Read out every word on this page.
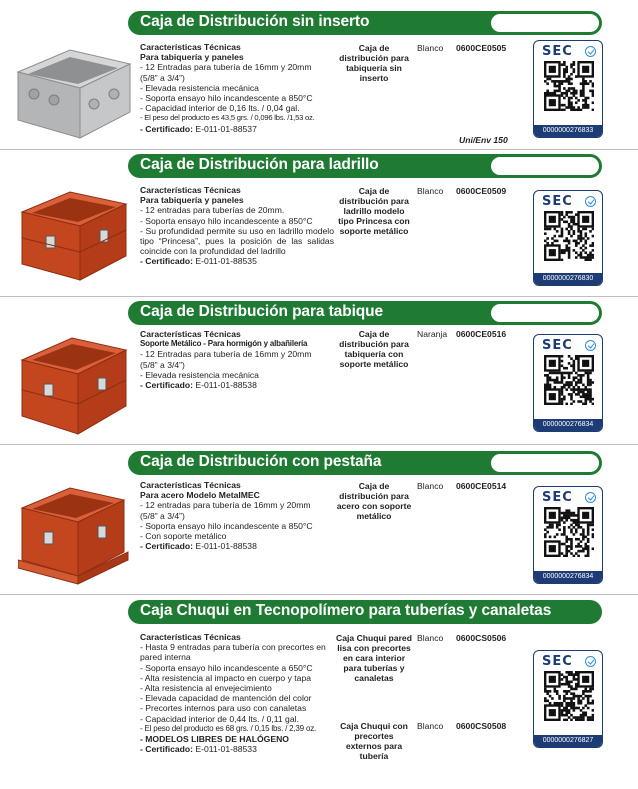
Caja de Distribución sin inserto
Características Técnicas
Para tabiquería y paneles
- 12 Entradas para tubería de 16mm y 20mm
(5/8” a 3/4”)
- Elevada resistencia mecánica
- Soporta ensayo hilo incandescente a 850°C
- Capacidad interior de 0,16 lts. / 0,04 gal.
- El peso del producto es 43,5 grs. / 0,096 lbs. /1,53 oz.
- Certificado: E-011-01-88537
Caja de distribución para tabiquería sin inserto
Blanco 0600CE0505
Uni/Env 150
SEC
0000000276833
Caja de Distribución para ladrillo
Características Técnicas
Para tabiquería y paneles
- 12 entradas para tuberías de 20mm.
- Soporta ensayo hilo incandescente a 850°C
- Su profundidad permite su uso en ladrillo modelo tipo “Princesa”, pues la posición de las salidas coincide con la profundidad del ladrillo
- Certificado: E-011-01-88535
Caja de distribución para ladrillo modelo tipo Princesa con soporte metálico
Blanco 0600CE0509
SEC
0000000276830
Caja de Distribución para tabique
Características Técnicas
Soporte Metálico - Para hormigón y albañilería
- 12 Entradas para tubería de 16mm y 20mm
(5/8” a 3/4”)
- Elevada resistencia mecánica
- Certificado: E-011-01-88538
Caja de distribución para tabiquería con soporte metálico
Naranja 0600CE0516
SEC
0000000276834
Caja de Distribución con pestaña
Características Técnicas
Para acero Modelo MetalMEC
- 12 entradas para tubería de 16mm y 20mm
(5/8” a 3/4”)
- Soporta ensayo hilo incandescente a 850°C
- Con soporte metálico
- Certificado: E-011-01-88538
Caja de distribución para acero con soporte metálico
Blanco 0600CE0514
SEC
0000000276834
Caja Chuqui en Tecnopolímero para tuberías y canaletas
Características Técnicas
- Hasta 9 entradas para tubería con precortes en pared interna
- Soporta ensayo hilo incandescente a 650°C
- Alta resistencia al impacto en cuerpo y tapa
- Alta resistencia al envejecimiento
- Elevada capacidad de mantención del color
- Precortes internos para uso con canaletas
- Capacidad interior de 0,44 lts. / 0,11 gal.
- El peso del producto es 68 grs. / 0,15 lbs. / 2,39 oz.
- MODELOS LIBRES DE HALÓGENO
- Certificado: E-011-01-88533
Caja Chuqui pared lisa con precortes en cara interior para tuberías y canaletas
Blanco 0600CS0506
Caja Chuqui con precortes externos para tubería
Blanco 0600CS0508
SEC
0000000276827
